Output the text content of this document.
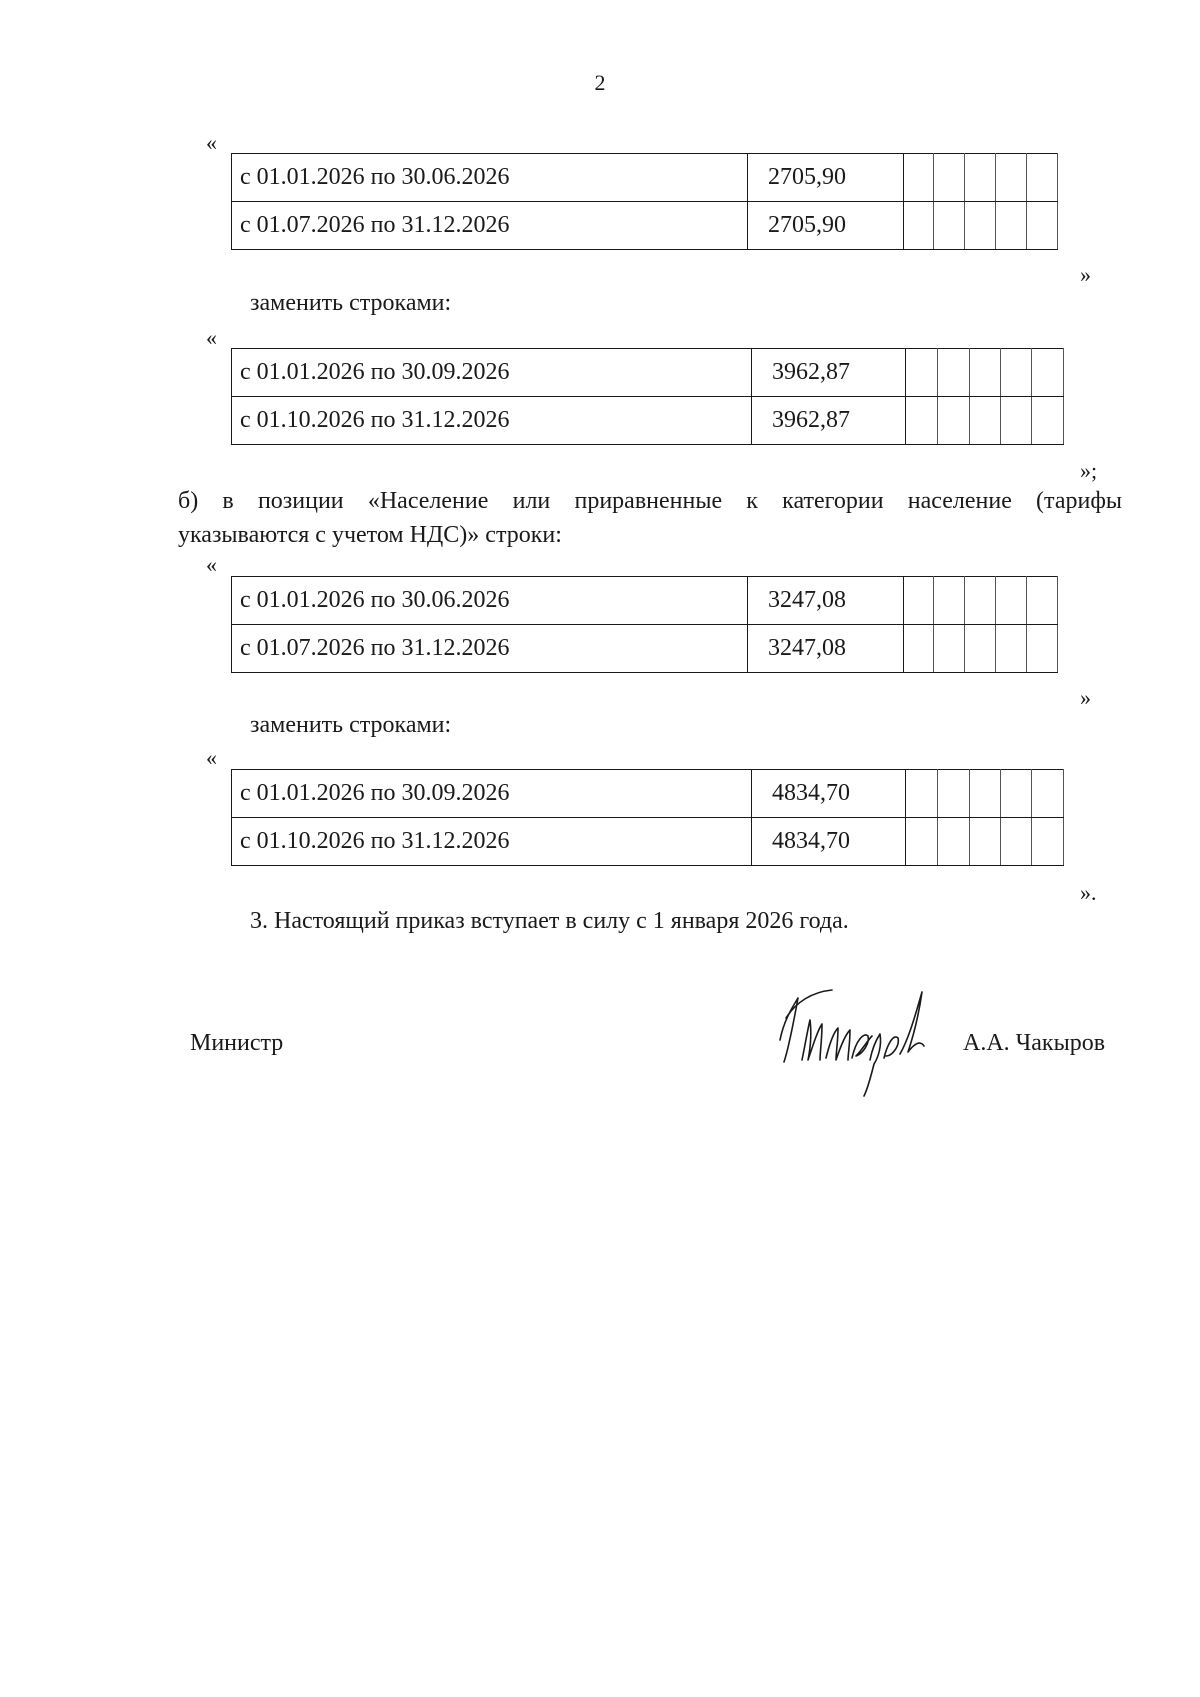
2
«
с 01.01.2026 по 30.06.2026	2705,90					
с 01.07.2026 по 31.12.2026	2705,90					
»
заменить строками:
«
с 01.01.2026 по 30.09.2026	3962,87					
с 01.10.2026 по 31.12.2026	3962,87					
»;
б) в позиции «Население или приравненные к категории население (тарифы
указываются с учетом НДС)» строки:
«
с 01.01.2026 по 30.06.2026	3247,08					
с 01.07.2026 по 31.12.2026	3247,08					
»
заменить строками:
«
с 01.01.2026 по 30.09.2026	4834,70					
с 01.10.2026 по 31.12.2026	4834,70					
».
3. Настоящий приказ вступает в силу с 1 января 2026 года.
Министр	А.А. Чакыров
